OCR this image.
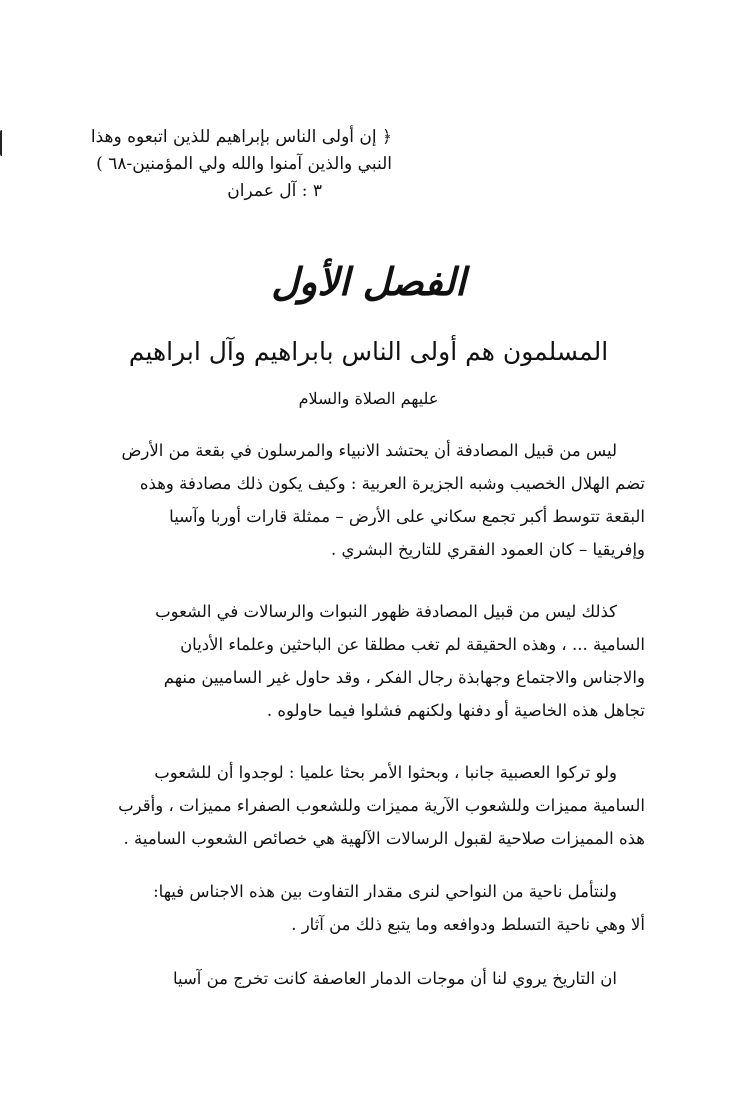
﴿ إن أولى الناس بإبراهيم للذين اتبعوه وهذا
النبي والذين آمنوا والله ولي المؤمنين-٦٨ )
٣ : آل عمران
الفصل الأول
المسلمون هم أولى الناس بابراهيم وآل ابراهيم
عليهم الصلاة والسلام
ليس من قبيل المصادفة أن يحتشد الانبياء والمرسلون في بقعة من الأرض
تضم الهلال الخصيب وشبه الجزيرة العربية : وكيف يكون ذلك مصادفة وهذه
البقعة تتوسط أكبر تجمع سكاني على الأرض – ممثلة قارات أوربا وآسيا
وإفريقيا – كان العمود الفقري للتاريخ البشري .
كذلك ليس من قبيل المصادفة ظهور النبوات والرسالات في الشعوب
السامية ... ، وهذه الحقيقة لم تغب مطلقا عن الباحثين وعلماء الأديان
والاجناس والاجتماع وجهابذة رجال الفكر ، وقد حاول غير الساميين منهم
تجاهل هذه الخاصية أو دفنها ولكنهم فشلوا فيما حاولوه .
ولو تركوا العصبية جانبا ، وبحثوا الأمر بحثا علميا : لوجدوا أن للشعوب
السامية مميزات وللشعوب الآرية مميزات وللشعوب الصفراء مميزات ، وأقرب
هذه المميزات صلاحية لقبول الرسالات الآلهية هي خصائص الشعوب السامية .
ولنتأمل ناحية من النواحي لنرى مقدار التفاوت بين هذه الاجناس فيها:
ألا وهي ناحية التسلط ودوافعه وما يتبع ذلك من آثار .
ان التاريخ يروي لنا أن موجات الدمار العاصفة كانت تخرج من آسيا
